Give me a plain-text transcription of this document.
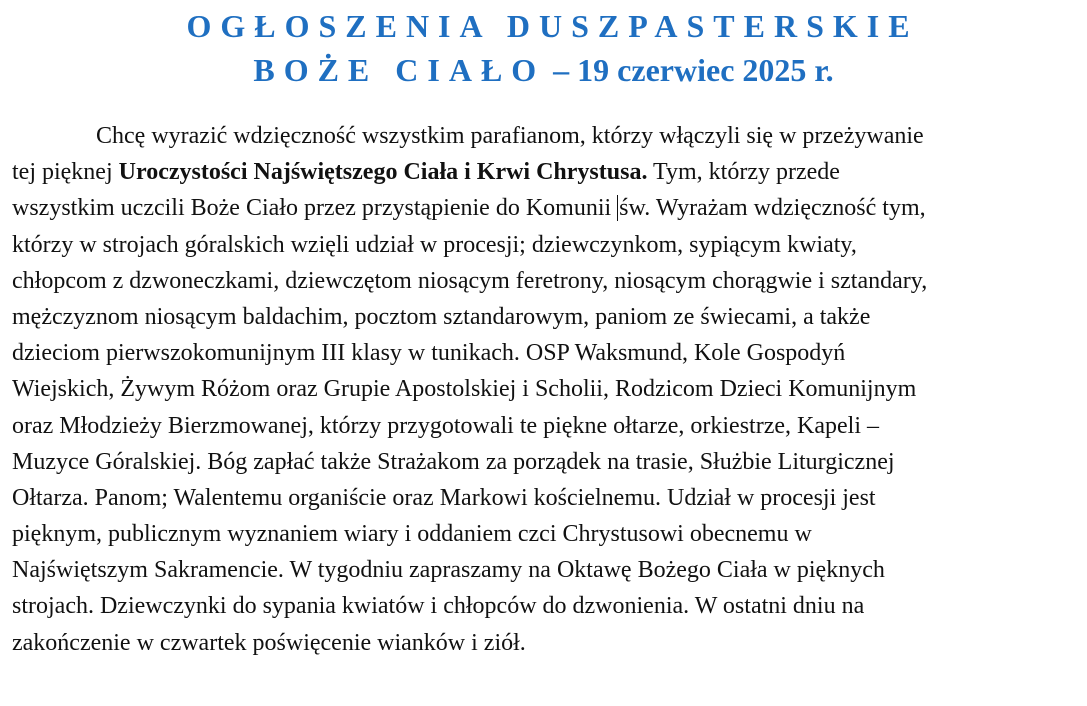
OGŁOSZENIA DUSZPASTERSKIE
BOŻE CIAŁO – 19 czerwiec 2025 r.
Chcę wyrazić wdzięczność wszystkim parafianom, którzy włączyli się w przeżywanie
tej pięknej Uroczystości Najświętszego Ciała i Krwi Chrystusa. Tym, którzy przede
wszystkim uczcili Boże Ciało przez przystąpienie do Komunii św. Wyrażam wdzięczność tym,
którzy w strojach góralskich wzięli udział w procesji; dziewczynkom, sypiącym kwiaty,
chłopcom z dzwoneczkami, dziewczętom niosącym feretrony, niosącym chorągwie i sztandary,
mężczyznom niosącym baldachim, pocztom sztandarowym, paniom ze świecami, a także
dzieciom pierwszokomunijnym III klasy w tunikach. OSP Waksmund, Kole Gospodyń
Wiejskich, Żywym Różom oraz Grupie Apostolskiej i Scholii, Rodzicom Dzieci Komunijnym
oraz Młodzieży Bierzmowanej, którzy przygotowali te piękne ołtarze, orkiestrze, Kapeli –
Muzyce Góralskiej. Bóg zapłać także Strażakom za porządek na trasie, Służbie Liturgicznej
Ołtarza. Panom; Walentemu organiście oraz Markowi kościelnemu. Udział w procesji jest
pięknym, publicznym wyznaniem wiary i oddaniem czci Chrystusowi obecnemu w
Najświętszym Sakramencie. W tygodniu zapraszamy na Oktawę Bożego Ciała w pięknych
strojach. Dziewczynki do sypania kwiatów i chłopców do dzwonienia. W ostatni dniu na
zakończenie w czwartek poświęcenie wianków i ziół.
